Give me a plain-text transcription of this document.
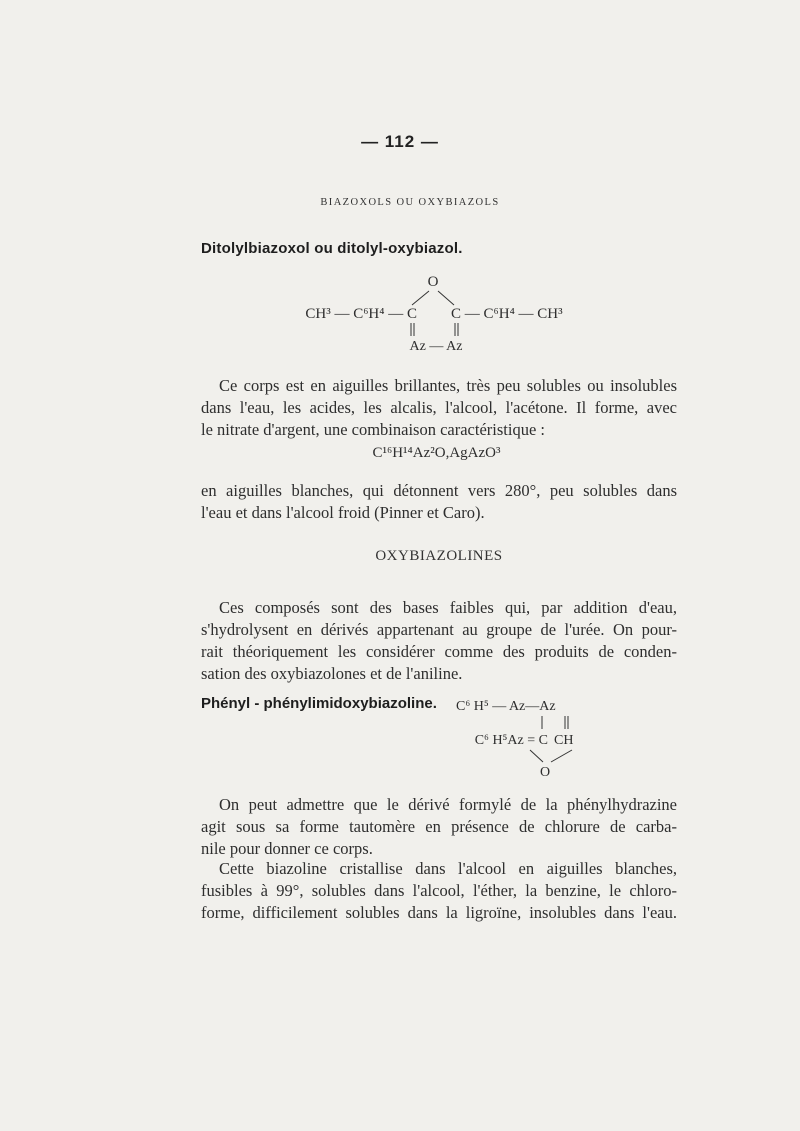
— 112 —
BIAZOXOLS OU OXYBIAZOLS
Ditolylbiazoxol ou ditolyl-oxybiazol.
O
CH³ — C⁶H⁴ — C C — C⁶H⁴ — CH³
Az — Az
C⁶ H⁵ — Az—Az
C⁶ H⁵Az = C CH
O
Ce corps est en aiguilles brillantes, très peu solubles ou insolubles
dans l'eau, les acides, les alcalis, l'alcool, l'acétone. Il forme, avec
le nitrate d'argent, une combinaison caractéristique :
C¹⁶H¹⁴Az²O,AgAzO³
en aiguilles blanches, qui détonnent vers 280°, peu solubles dans
l'eau et dans l'alcool froid (Pinner et Caro).
OXYBIAZOLINES
Ces composés sont des bases faibles qui, par addition d'eau,
s'hydrolysent en dérivés appartenant au groupe de l'urée. On pour-
rait théoriquement les considérer comme des produits de conden-
sation des oxybiazolones et de l'aniline.
Phényl - phénylimidoxybiazoline.
On peut admettre que le dérivé formylé de la phénylhydrazine
agit sous sa forme tautomère en présence de chlorure de carba-
nile pour donner ce corps.
Cette biazoline cristallise dans l'alcool en aiguilles blanches,
fusibles à 99°, solubles dans l'alcool, l'éther, la benzine, le chloro-
forme, difficilement solubles dans la ligroïne, insolubles dans l'eau.
